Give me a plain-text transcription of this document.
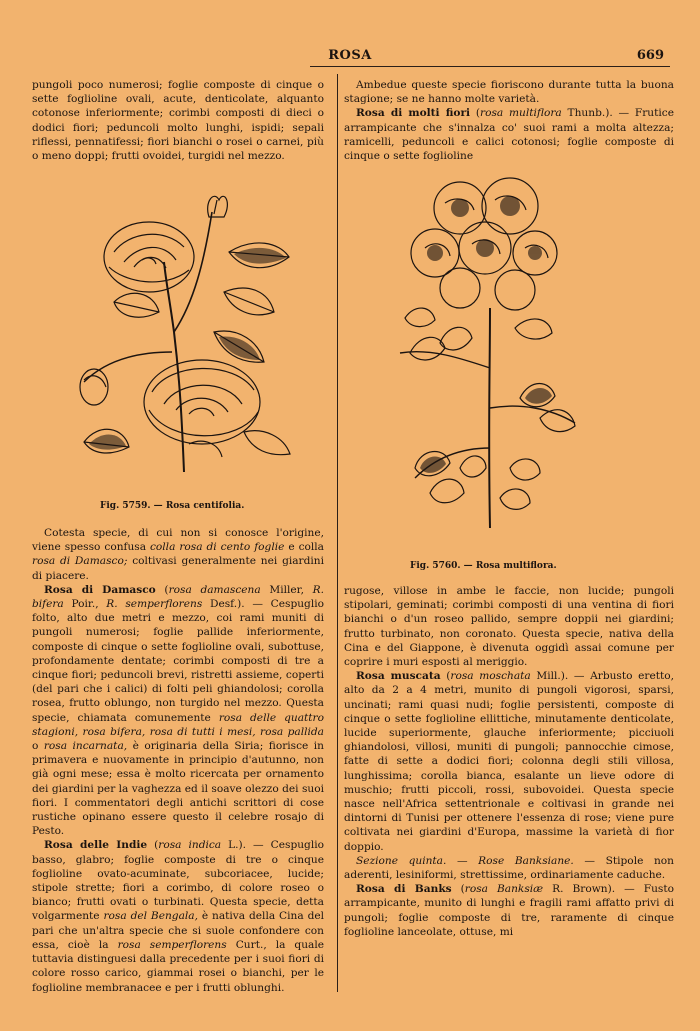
ROSA	669

pungoli poco numerosi; foglie composte di cinque o sette foglioline ovali, acute, denticolate, alquanto cotonose inferiormente; corimbi composti di dieci o dodici fiori; peduncoli molto lunghi, ispidi; sepali riflessi, pennatifessi; fiori bianchi o rosei o carnei, più o meno doppi; frutti ovoidei, turgidi nel mezzo.

Fig. 5759. — Rosa centifolia.

Cotesta specie, di cui non si conosce l'origine, viene spesso confusa colla rosa di cento foglie e colla rosa di Damasco; coltivasi generalmente nei giardini di piacere.

Rosa di Damasco (rosa damascena Miller, R. bifera Poir., R. semperflorens Desf.). — Cespuglio folto, alto due metri e mezzo, coi rami muniti di pungoli numerosi; foglie pallide inferiormente, composte di cinque o sette foglioline ovali, subottuse, profondamente dentate; corimbi composti di tre a cinque fiori; peduncoli brevi, ristretti assieme, coperti (del pari che i calici) di folti peli ghiandolosi; corolla rosea, frutto oblungo, non turgido nel mezzo. Questa specie, chiamata comunemente rosa delle quattro stagioni, rosa bifera, rosa di tutti i mesi, rosa pallida o rosa incarnata, è originaria della Siria; fiorisce in primavera e nuovamente in principio d'autunno, non già ogni mese; essa è molto ricercata per ornamento dei giardini per la vaghezza ed il soave olezzo dei suoi fiori. I commentatori degli antichi scrittori di cose rustiche opinano essere questo il celebre rosajo di Pesto.

Rosa delle Indie (rosa indica L.). — Cespuglio basso, glabro; foglie composte di tre o cinque foglioline ovato-acuminate, subcoriacee, lucide; stipole strette; fiori a corimbo, di colore roseo o bianco; frutti ovati o turbinati. Questa specie, detta volgarmente rosa del Bengala, è nativa della Cina del pari che un'altra specie che si suole confondere con essa, cioè la rosa semperflorens Curt., la quale tuttavia distinguesi dalla precedente per i suoi fiori di colore rosso carico, giammai rosei o bianchi, per le foglioline membranacee e per i frutti oblunghi.

Ambedue queste specie fioriscono durante tutta la buona stagione; se ne hanno molte varietà.

Rosa di molti fiori (rosa multiflora Thunb.). — Frutice arrampicante che s'innalza co' suoi rami a molta altezza; ramicelli, peduncoli e calici cotonosi; foglie composte di cinque o sette foglioline

Fig. 5760. — Rosa multiflora.

rugose, villose in ambe le faccie, non lucide; pungoli stipolari, geminati; corimbi composti di una ventina di fiori bianchi o d'un roseo pallido, sempre doppii nei giardini; frutto turbinato, non coronato. Questa specie, nativa della Cina e del Giappone, è divenuta oggidì assai comune per coprire i muri esposti al meriggio.

Rosa muscata (rosa moschata Mill.). — Arbusto eretto, alto da 2 a 4 metri, munito di pungoli vigorosi, sparsi, uncinati; rami quasi nudi; foglie persistenti, composte di cinque o sette foglioline ellittiche, minutamente denticolate, lucide superiormente, glauche inferiormente; picciuoli ghiandolosi, villosi, muniti di pungoli; pannocchie cimose, fatte di sette a dodici fiori; colonna degli stili villosa, lunghissima; corolla bianca, esalante un lieve odore di muschio; frutti piccoli, rossi, subovoidei. Questa specie nasce nell'Africa settentrionale e coltivasi in grande nei dintorni di Tunisi per ottenere l'essenza di rose; viene pure coltivata nei giardini d'Europa, massime la varietà di fior doppio.

Sezione quinta. — Rose Banksiane. — Stipole non aderenti, lesiniformi, strettissime, ordinariamente caduche.

Rosa di Banks (rosa Banksiæ R. Brown). — Fusto arrampicante, munito di lunghi e fragili rami affatto privi di pungoli; foglie composte di tre, raramente di cinque foglioline lanceolate, ottuse, mi
